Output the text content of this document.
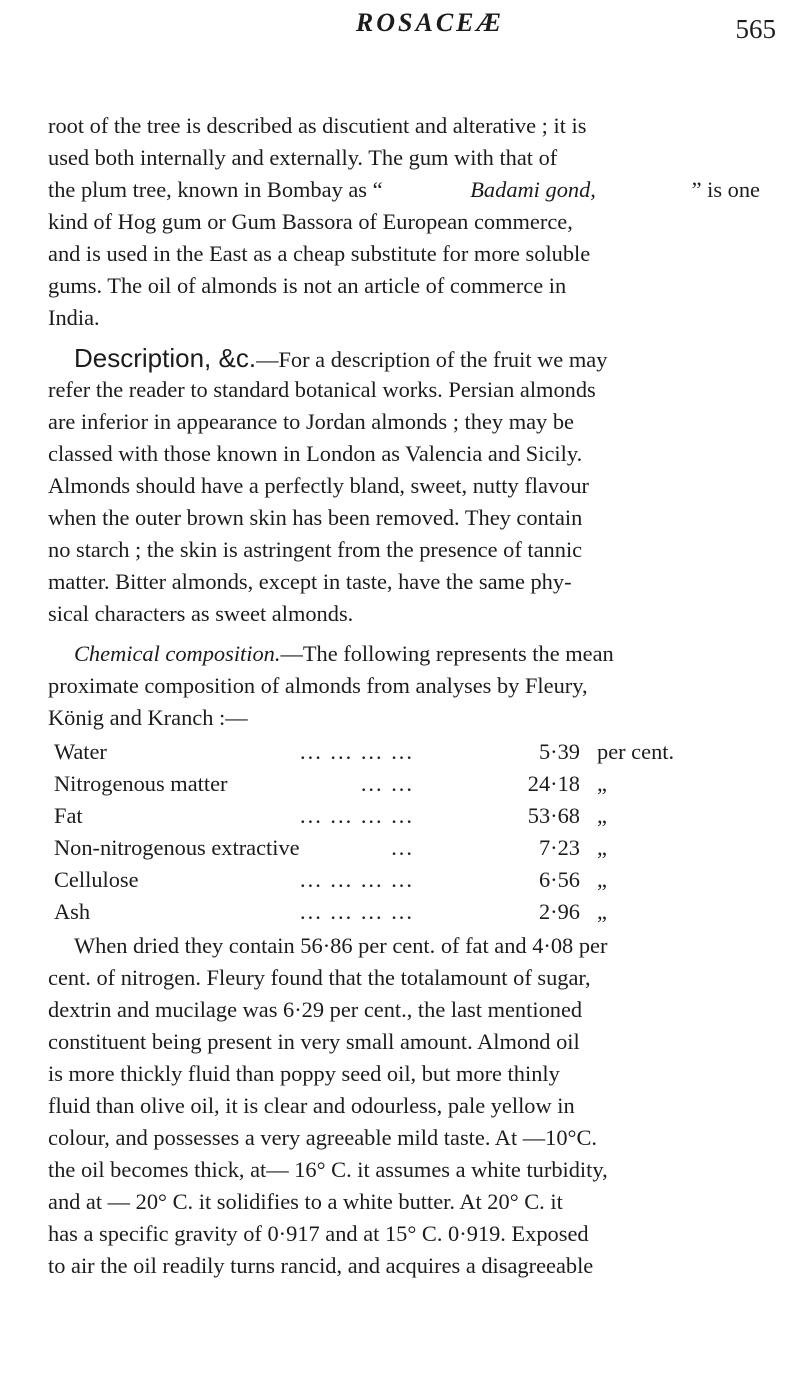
ROSACEÆ	565
root of the tree is described as discutient and alterative ; it is
used both internally and externally. The gum with that of
the plum tree, known in Bombay as “	Badami gond,	” is one
kind of Hog gum or Gum Bassora of European commerce,
and is used in the East as a cheap substitute for more soluble
gums. The oil of almonds is not an article of commerce in
India.
Description, &c. —For a description of the fruit we may
refer the reader to standard botanical works. Persian almonds
are inferior in appearance to Jordan almonds ; they may be
classed with those known in London as Valencia and Sicily.
Almonds should have a perfectly bland, sweet, nutty flavour
when the outer brown skin has been removed. They contain
no starch ; the skin is astringent from the presence of tannic
matter. Bitter almonds, except in taste, have the same phy-
sical characters as sweet almonds.
Chemical composition. —The following represents the mean
proximate composition of almonds from analyses by Fleury,
König and Kranch :—
Water	... ... ... ...	5·39 per cent.
Nitrogenous matter	... ...	24·18 „
Fat	... ... ... ...	53·68 „
Non-nitrogenous extractive	...	7·23 „
Cellulose	... ... ... ...	6·56 „
Ash	... ... ... ...	2·96 „
When dried they contain 56·86 per cent. of fat and 4·08 per
cent. of nitrogen. Fleury found that the totalamount of sugar,
dextrin and mucilage was 6·29 per cent., the last mentioned
constituent being present in very small amount. Almond oil
is more thickly fluid than poppy seed oil, but more thinly
fluid than olive oil, it is clear and odourless, pale yellow in
colour, and possesses a very agreeable mild taste. At —10°C.
the oil becomes thick, at— 16° C. it assumes a white turbidity,
and at — 20° C. it solidifies to a white butter. At 20° C. it
has a specific gravity of 0·917 and at 15° C. 0·919. Exposed
to air the oil readily turns rancid, and acquires a disagreeable
